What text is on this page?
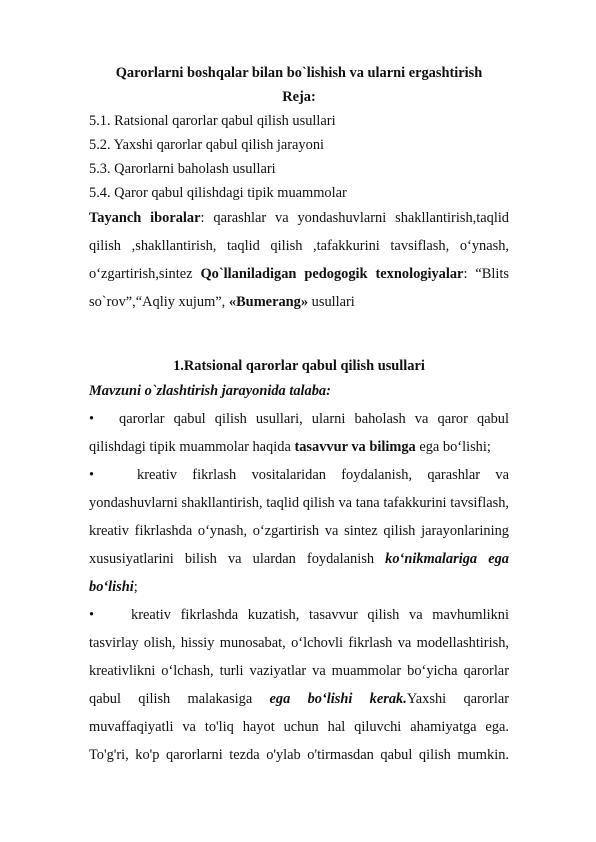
Qarorlarni boshqalar bilan bo`lishish va ularni ergashtirish
Reja:
5.1. Ratsional qarorlar qabul qilish usullari
5.2. Yaxshi qarorlar qabul qilish jarayoni
5.3. Qarorlarni baholash usullari
5.4. Qaror qabul qilishdagi tipik muammolar
Tayanch iboralar: qarashlar va yondashuvlarni shakllantirish,taqlid
qilish ,shakllantirish, taqlid qilish ,tafakkurini tavsiflash, o‘ynash,
o‘zgartirish,sintez Qo`llaniladigan pedogogik texnologiyalar: “Blits
so`rov”,“Aqliy xujum”, «Bumerang» usullari
1.Ratsional qarorlar qabul qilish usullari
Mavzuni o`zlashtirish jarayonida talaba:
• qarorlar qabul qilish usullari, ularni baholash va qaror qabul
qilishdagi tipik muammolar haqida tasavvur va bilimga ega bo‘lishi;
•	kreativ fikrlash vositalaridan foydalanish, qarashlar va
yondashuvlarni shakllantirish, taqlid qilish va tana tafakkurini tavsiflash,
kreativ fikrlashda o‘ynash, o‘zgartirish va sintez qilish jarayonlarining
xususiyatlarini bilish va ulardan foydalanish ko‘nikmalariga ega
bo‘lishi;
•	kreativ fikrlashda kuzatish, tasavvur qilish va mavhumlikni
tasvirlay olish, hissiy munosabat, o‘lchovli fikrlash va modellashtirish,
kreativlikni o‘lchash, turli vaziyatlar va muammolar bo‘yicha qarorlar
qabul qilish malakasiga ega bo‘lishi kerak.Yaxshi qarorlar
muvaffaqiyatli va to'liq hayot uchun hal qiluvchi ahamiyatga ega.
To'g'ri, ko'p qarorlarni tezda o'ylab o'tirmasdan qabul qilish mumkin.
